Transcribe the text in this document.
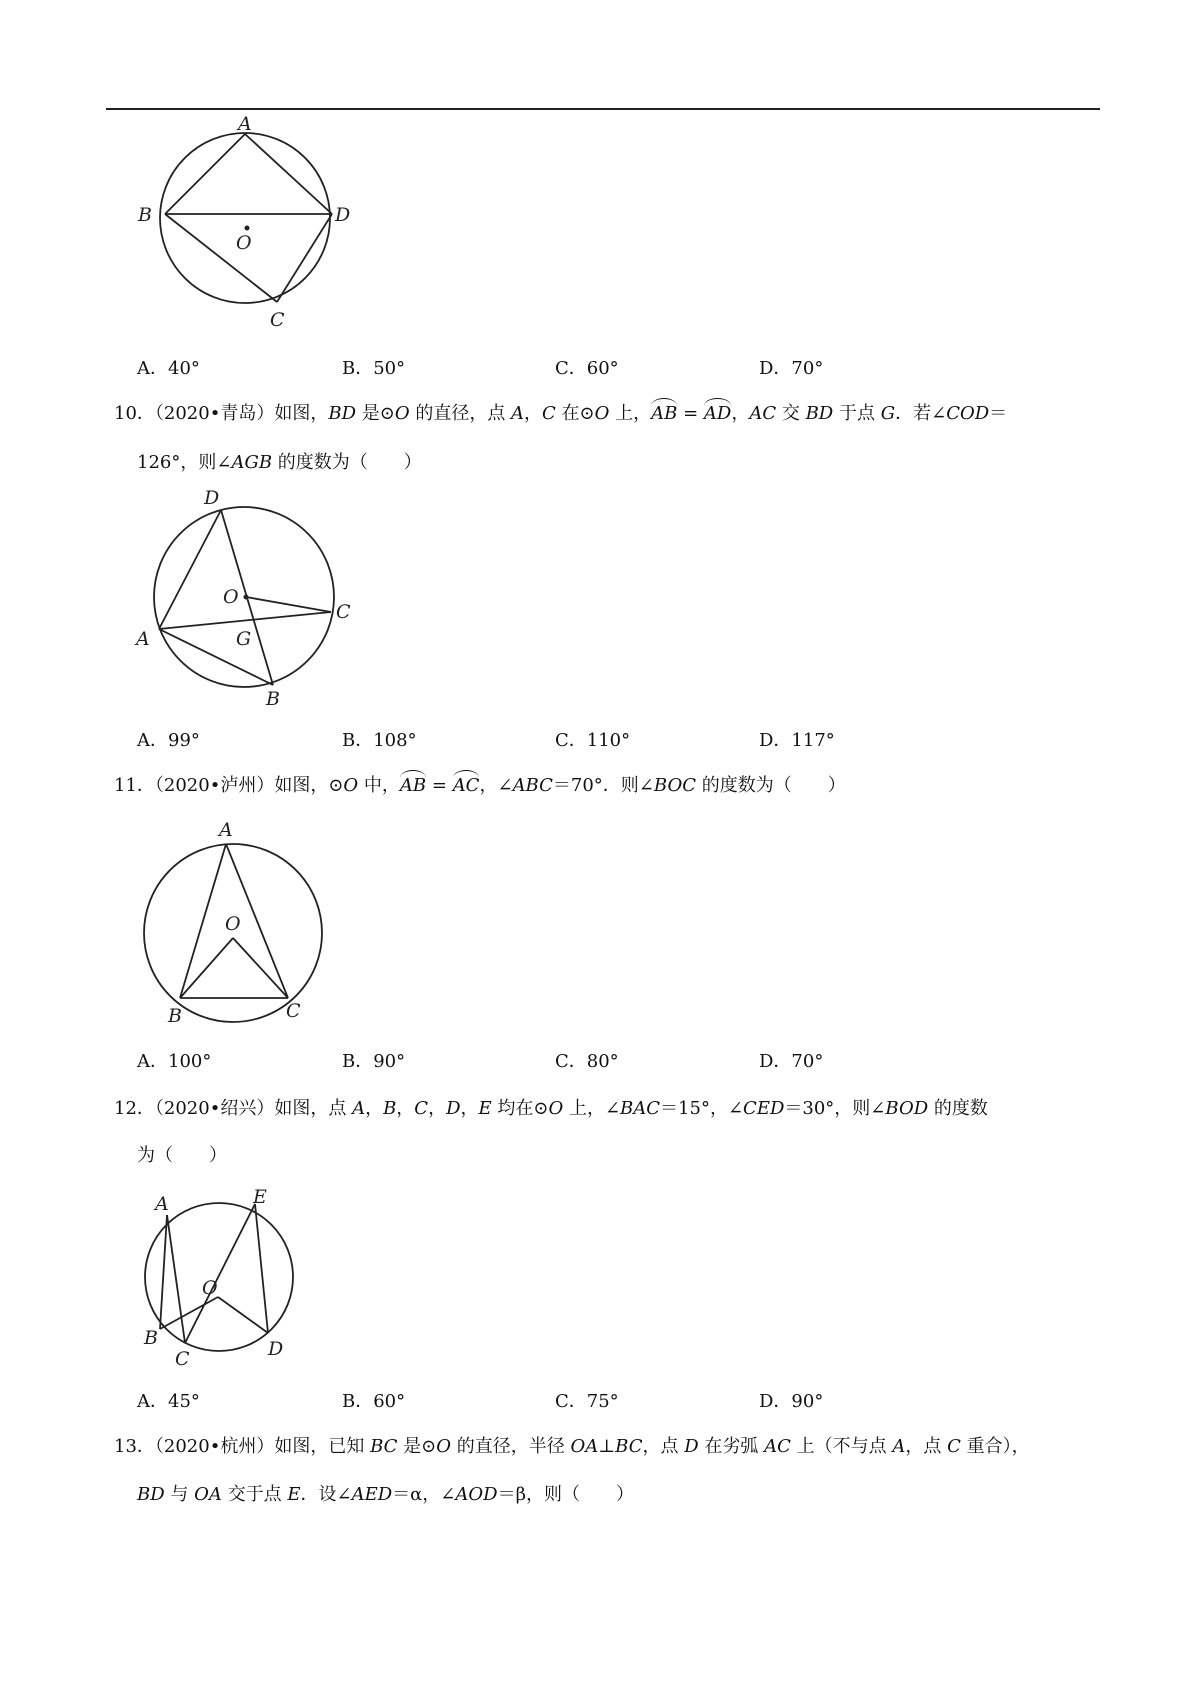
A
B	D
O
C
A．40°	B．50°	C．60°	D．70°
10．（2020•青岛）如图，BD 是⊙O 的直径，点 A，C 在⊙O 上，AB = AD，AC 交 BD 于点 G．若∠COD＝
126°，则∠AGB 的度数为（　　）
D
O
C
A	G
B
A．99°	B．108°	C．110°	D．117°
11．（2020•泸州）如图，⊙O 中，AB = AC，∠ABC＝70°．则∠BOC 的度数为（　　）
A
O
B	C
A．100°	B．90°	C．80°	D．70°
12．（2020•绍兴）如图，点 A，B，C，D，E 均在⊙O 上，∠BAC＝15°，∠CED＝30°，则∠BOD 的度数
为（　　）
A	E
O
B
C	D
A．45°	B．60°	C．75°	D．90°
13．（2020•杭州）如图，已知 BC 是⊙O 的直径，半径 OA⊥BC，点 D 在劣弧 AC 上（不与点 A，点 C 重合），
BD 与 OA 交于点 E．设∠AED＝α，∠AOD＝β，则（　　）
